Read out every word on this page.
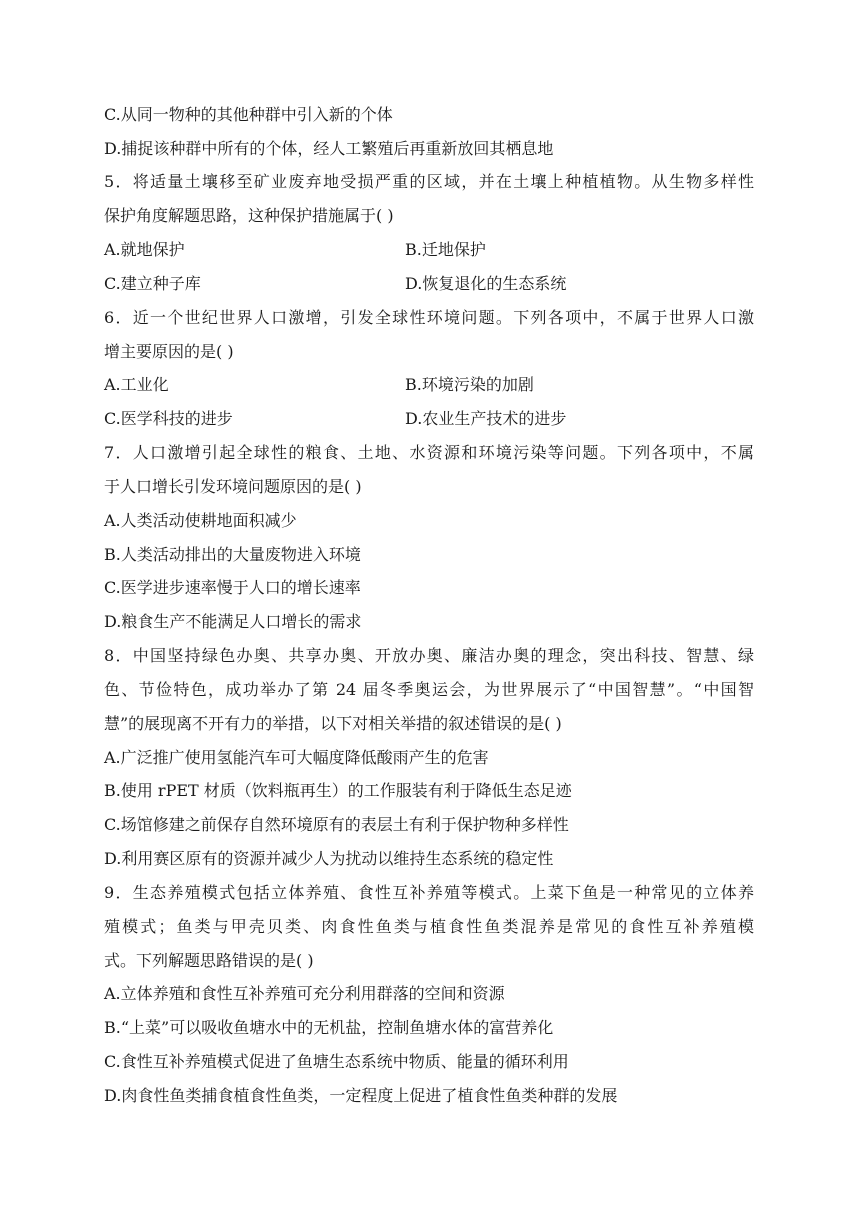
C.从同一物种的其他种群中引入新的个体
D.捕捉该种群中所有的个体，经人工繁殖后再重新放回其栖息地
5．将适量土壤移至矿业废弃地受损严重的区域，并在土壤上种植植物。从生物多样性
保护角度解题思路，这种保护措施属于( )
A.就地保护	B.迁地保护
C.建立种子库	D.恢复退化的生态系统
6．近一个世纪世界人口激增，引发全球性环境问题。下列各项中，不属于世界人口激
增主要原因的是( )
A.工业化	B.环境污染的加剧
C.医学科技的进步	D.农业生产技术的进步
7．人口激增引起全球性的粮食、土地、水资源和环境污染等问题。下列各项中，不属
于人口增长引发环境问题原因的是( )
A.人类活动使耕地面积减少
B.人类活动排出的大量废物进入环境
C.医学进步速率慢于人口的增长速率
D.粮食生产不能满足人口增长的需求
8．中国坚持绿色办奥、共享办奥、开放办奥、廉洁办奥的理念，突出科技、智慧、绿
色、节俭特色，成功举办了第 24 届冬季奥运会，为世界展示了“中国智慧”。“中国智
慧”的展现离不开有力的举措，以下对相关举措的叙述错误的是( )
A.广泛推广使用氢能汽车可大幅度降低酸雨产生的危害
B.使用 rPET 材质（饮料瓶再生）的工作服装有利于降低生态足迹
C.场馆修建之前保存自然环境原有的表层土有利于保护物种多样性
D.利用赛区原有的资源并减少人为扰动以维持生态系统的稳定性
9．生态养殖模式包括立体养殖、食性互补养殖等模式。上菜下鱼是一种常见的立体养
殖模式；鱼类与甲壳贝类、肉食性鱼类与植食性鱼类混养是常见的食性互补养殖模
式。下列解题思路错误的是( )
A.立体养殖和食性互补养殖可充分利用群落的空间和资源
B.“上菜”可以吸收鱼塘水中的无机盐，控制鱼塘水体的富营养化
C.食性互补养殖模式促进了鱼塘生态系统中物质、能量的循环利用
D.肉食性鱼类捕食植食性鱼类，一定程度上促进了植食性鱼类种群的发展
